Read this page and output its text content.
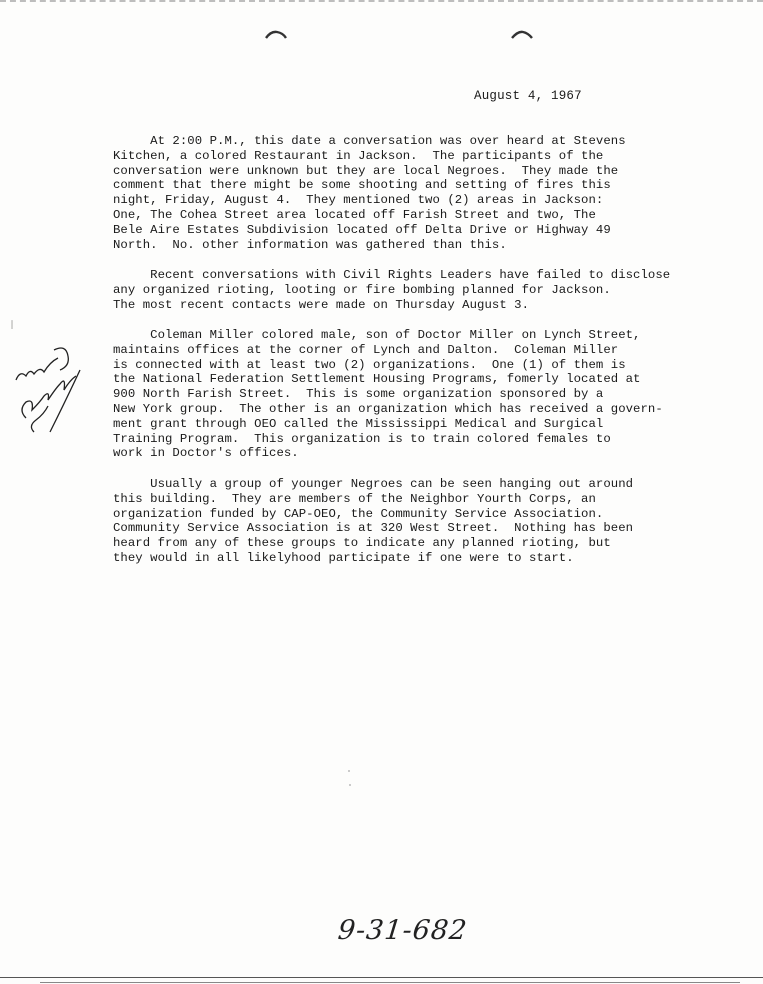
August 4, 1967
At 2:00 P.M., this date a conversation was over heard at Stevens
Kitchen, a colored Restaurant in Jackson.  The participants of the
conversation were unknown but they are local Negroes.  They made the
comment that there might be some shooting and setting of fires this
night, Friday, August 4.  They mentioned two (2) areas in Jackson:
One, The Cohea Street area located off Farish Street and two, The
Bele Aire Estates Subdivision located off Delta Drive or Highway 49
North.  No. other information was gathered than this.
Recent conversations with Civil Rights Leaders have failed to disclose
any organized rioting, looting or fire bombing planned for Jackson.
The most recent contacts were made on Thursday August 3.
Coleman Miller colored male, son of Doctor Miller on Lynch Street,
maintains offices at the corner of Lynch and Dalton.  Coleman Miller
is connected with at least two (2) organizations.  One (1) of them is
the National Federation Settlement Housing Programs, fomerly located at
900 North Farish Street.  This is some organization sponsored by a
New York group.  The other is an organization which has received a govern-
ment grant through OEO called the Mississippi Medical and Surgical
Training Program.  This organization is to train colored females to
work in Doctor's offices.
Usually a group of younger Negroes can be seen hanging out around
this building.  They are members of the Neighbor Yourth Corps, an
organization funded by CAP-OEO, the Community Service Association.
Community Service Association is at 320 West Street.  Nothing has been
heard from any of these groups to indicate any planned rioting, but
they would in all likelyhood participate if one were to start.
ᛁ
9-31-682
